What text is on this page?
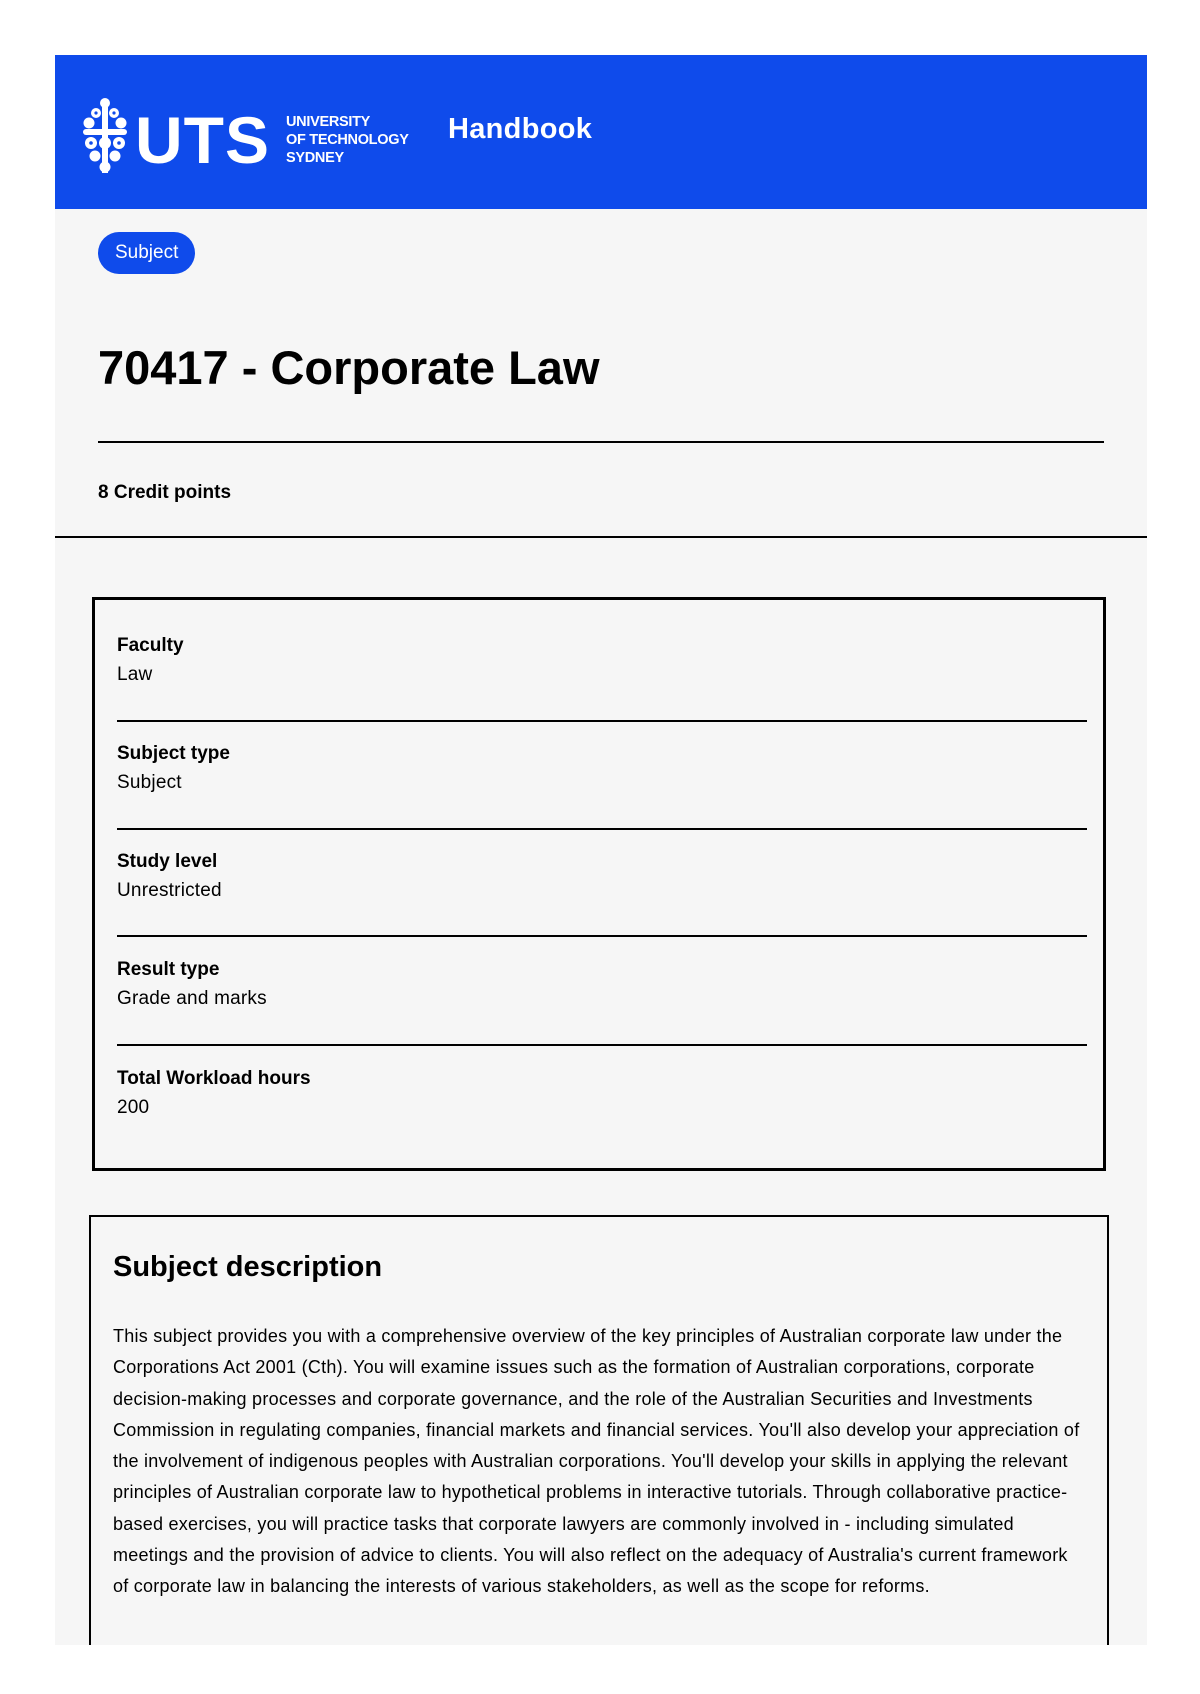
UTS UNIVERSITY
OF TECHNOLOGY
SYDNEY
Handbook
Subject
70417 - Corporate Law
8 Credit points
Faculty
Law
Subject type
Subject
Study level
Unrestricted
Result type
Grade and marks
Total Workload hours
200
Subject description

This subject provides you with a comprehensive overview of the key principles of Australian corporate law under the Corporations Act 2001 (Cth). You will examine issues such as the formation of Australian corporations, corporate decision-making processes and corporate governance, and the role of the Australian Securities and Investments Commission in regulating companies, financial markets and financial services. You'll also develop your appreciation of the involvement of indigenous peoples with Australian corporations. You'll develop your skills in applying the relevant principles of Australian corporate law to hypothetical problems in interactive tutorials. Through collaborative practice-based exercises, you will practice tasks that corporate lawyers are commonly involved in - including simulated meetings and the provision of advice to clients. You will also reflect on the adequacy of Australia's current framework of corporate law in balancing the interests of various stakeholders, as well as the scope for reforms.
